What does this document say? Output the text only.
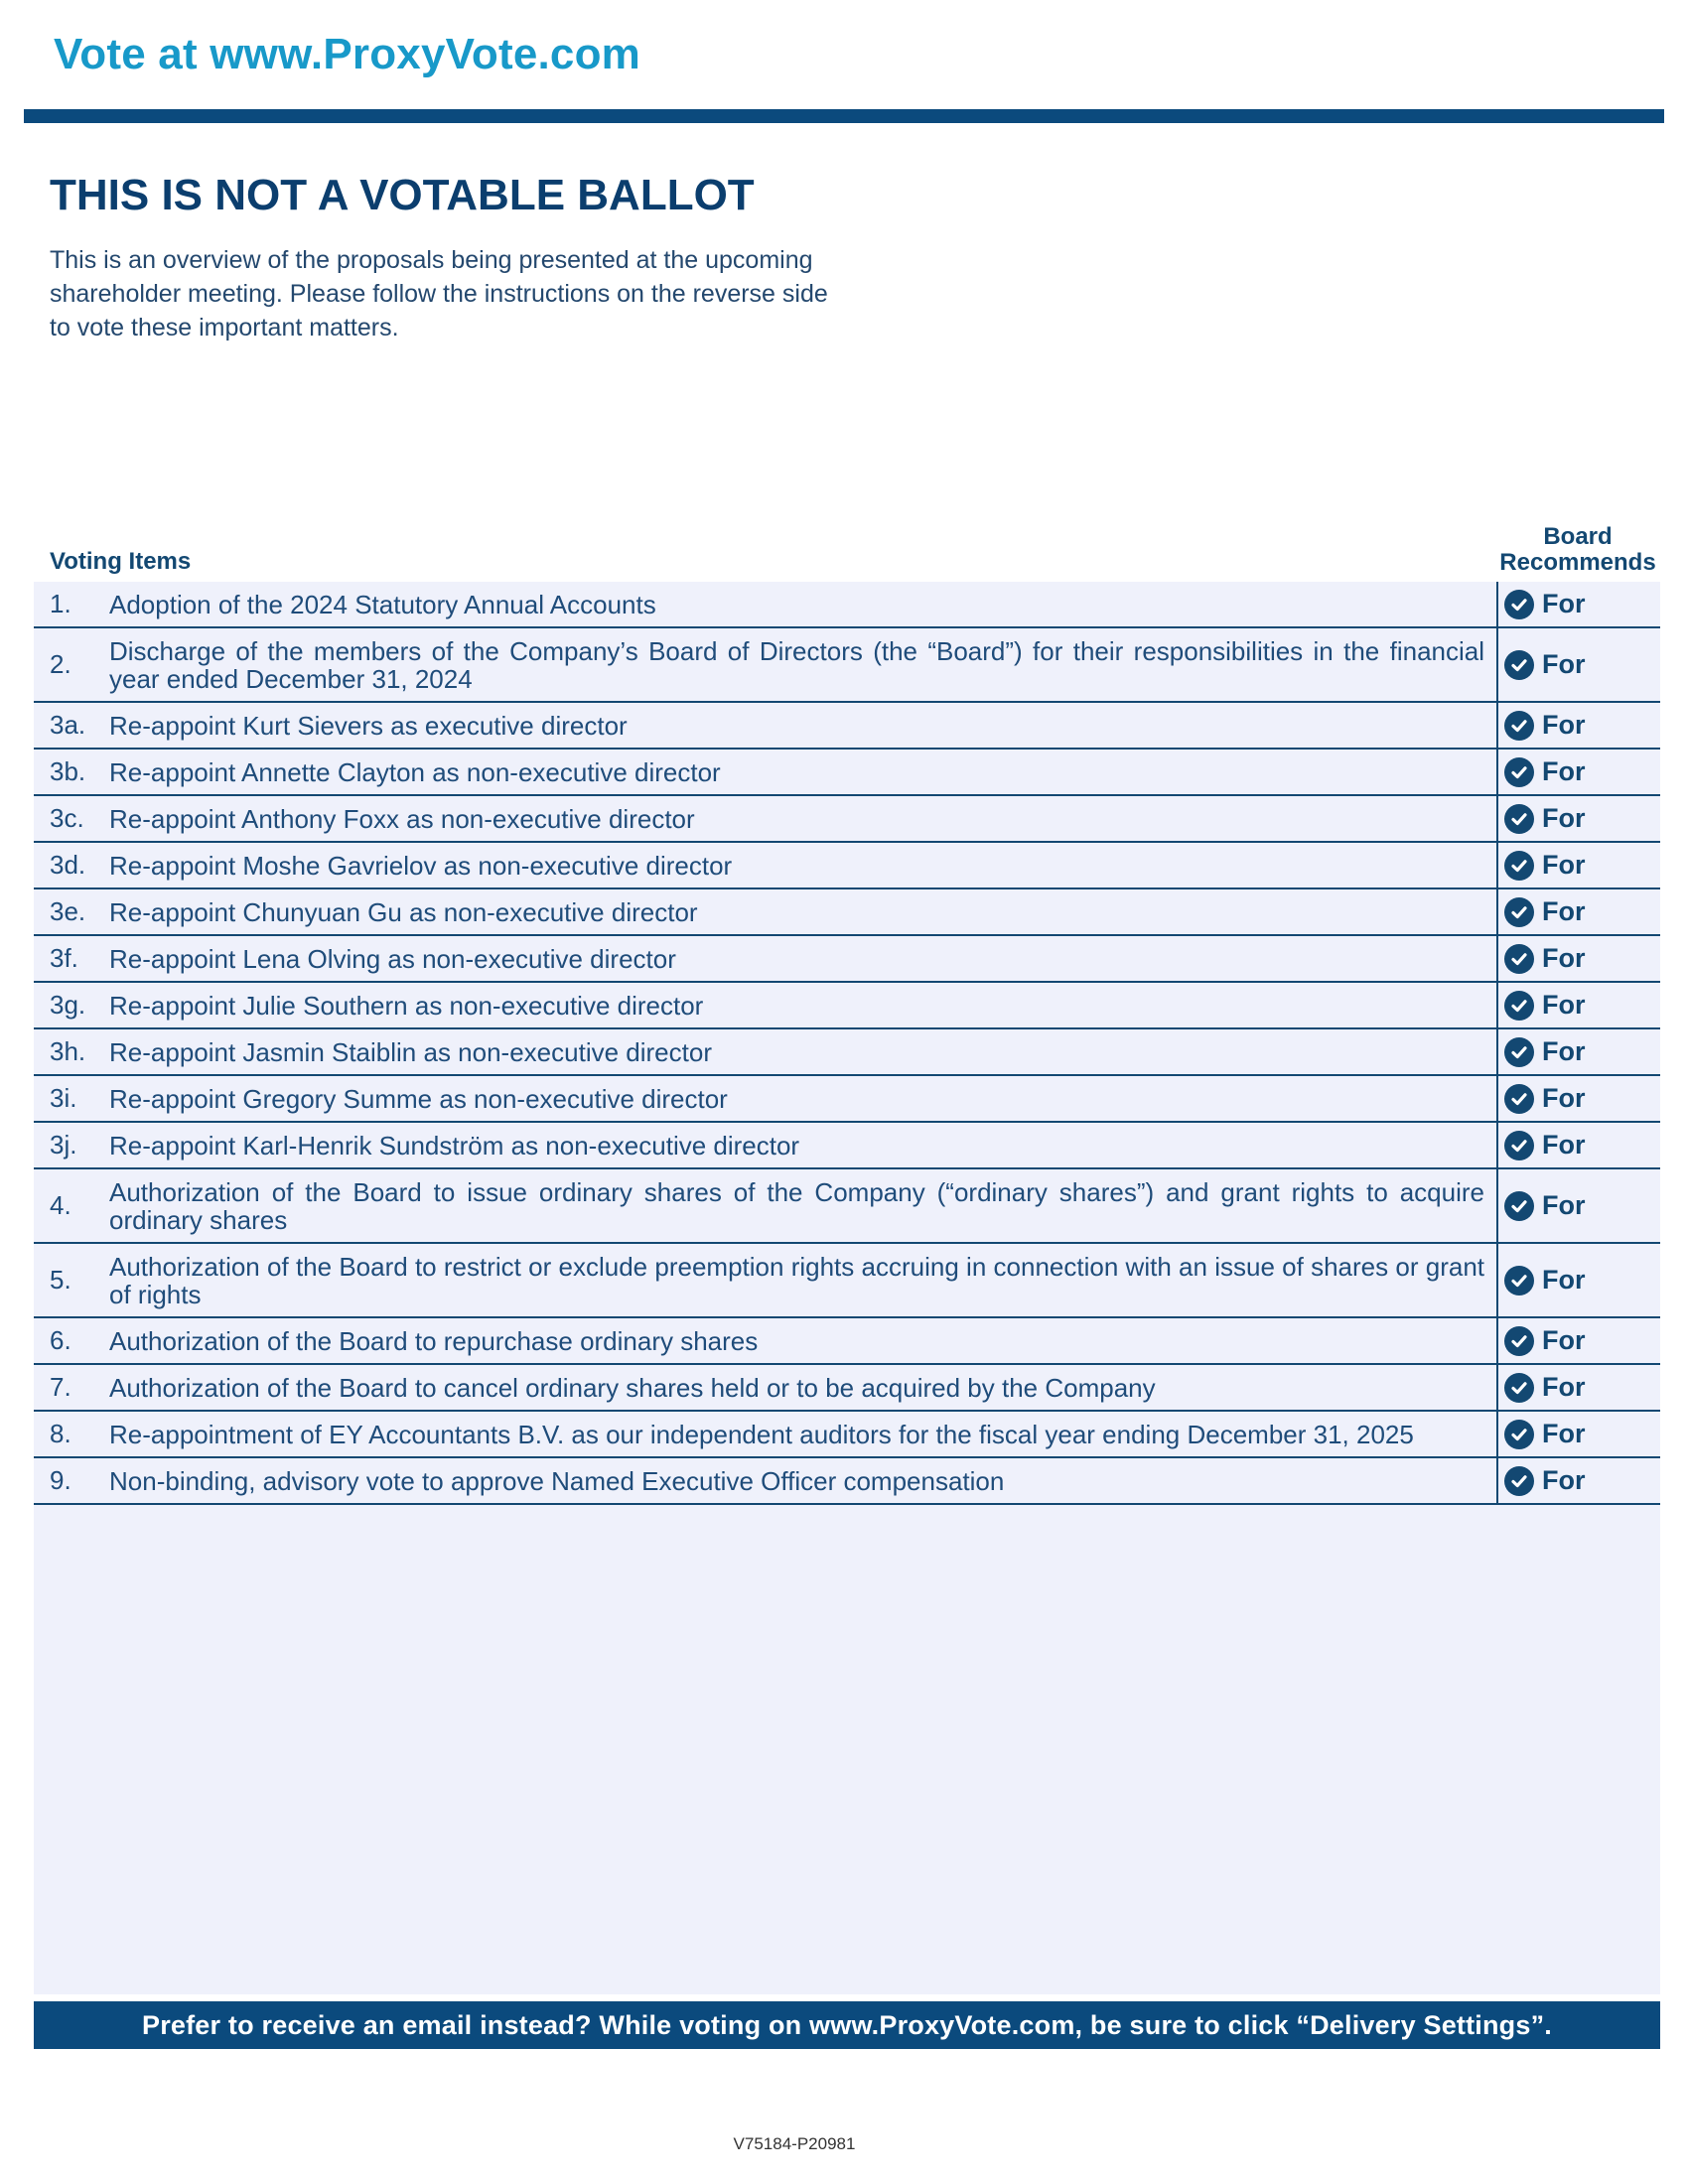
Vote at www.ProxyVote.com
THIS IS NOT A VOTABLE BALLOT
This is an overview of the proposals being presented at the upcoming shareholder meeting. Please follow the instructions on the reverse side to vote these important matters.
Voting Items
Board
Recommends
1.	Adoption of the 2024 Statutory Annual Accounts	For
2.	Discharge of the members of the Company’s Board of Directors (the “Board”) for their responsibilities in the financial year ended December 31, 2024	For
3a. Re-appoint Kurt Sievers as executive director	For
3b. Re-appoint Annette Clayton as non-executive director	For
3c. Re-appoint Anthony Foxx as non-executive director	For
3d. Re-appoint Moshe Gavrielov as non-executive director	For
3e. Re-appoint Chunyuan Gu as non-executive director	For
3f.	Re-appoint Lena Olving as non-executive director	For
3g. Re-appoint Julie Southern as non-executive director	For
3h. Re-appoint Jasmin Staiblin as non-executive director	For
3i.	Re-appoint Gregory Summe as non-executive director	For
3j.	Re-appoint Karl-Henrik Sundström as non-executive director	For
4.	Authorization of the Board to issue ordinary shares of the Company (“ordinary shares”) and grant rights to acquire ordinary shares	For
5.	Authorization of the Board to restrict or exclude preemption rights accruing in connection with an issue of shares or grant of rights	For
6.	Authorization of the Board to repurchase ordinary shares	For
7.	Authorization of the Board to cancel ordinary shares held or to be acquired by the Company	For
8.	Re-appointment of EY Accountants B.V. as our independent auditors for the fiscal year ending December 31, 2025	For
9.	Non-binding, advisory vote to approve Named Executive Officer compensation	For
Prefer to receive an email instead? While voting on www.ProxyVote.com, be sure to click “Delivery Settings”.
V75184-P20981
